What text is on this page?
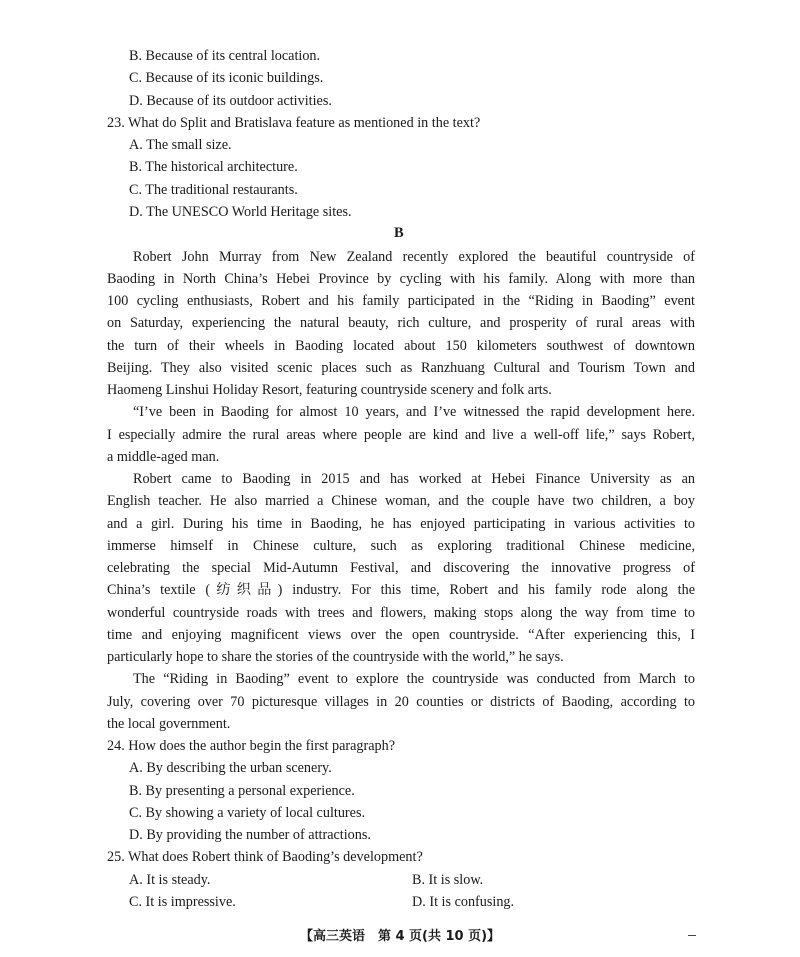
B. Because of its central location.
C. Because of its iconic buildings.
D. Because of its outdoor activities.
23. What do Split and Bratislava feature as mentioned in the text?
A. The small size.
B. The historical architecture.
C. The traditional restaurants.
D. The UNESCO World Heritage sites.
B
Robert John Murray from New Zealand recently explored the beautiful countryside of
Baoding in North China’s Hebei Province by cycling with his family. Along with more than
100 cycling enthusiasts, Robert and his family participated in the “Riding in Baoding” event
on Saturday, experiencing the natural beauty, rich culture, and prosperity of rural areas with
the turn of their wheels in Baoding located about 150 kilometers southwest of downtown
Beijing. They also visited scenic places such as Ranzhuang Cultural and Tourism Town and
Haomeng Linshui Holiday Resort, featuring countryside scenery and folk arts.
“I’ve been in Baoding for almost 10 years, and I’ve witnessed the rapid development here.
I especially admire the rural areas where people are kind and live a well-off life,” says Robert,
a middle-aged man.
Robert came to Baoding in 2015 and has worked at Hebei Finance University as an
English teacher. He also married a Chinese woman, and the couple have two children, a boy
and a girl. During his time in Baoding, he has enjoyed participating in various activities to
immerse himself in Chinese culture, such as exploring traditional Chinese medicine,
celebrating the special Mid-Autumn Festival, and discovering the innovative progress of
China’s textile (纺织品) industry. For this time, Robert and his family rode along the
wonderful countryside roads with trees and flowers, making stops along the way from time to
time and enjoying magnificent views over the open countryside. “After experiencing this, I
particularly hope to share the stories of the countryside with the world,” he says.
The “Riding in Baoding” event to explore the countryside was conducted from March to
July, covering over 70 picturesque villages in 20 counties or districts of Baoding, according to
the local government.
24. How does the author begin the first paragraph?
A. By describing the urban scenery.
B. By presenting a personal experience.
C. By showing a variety of local cultures.
D. By providing the number of attractions.
25. What does Robert think of Baoding’s development?
A. It is steady.	B. It is slow.
C. It is impressive.	D. It is confusing.
【高三英语　第 4 页(共 10 页)】
